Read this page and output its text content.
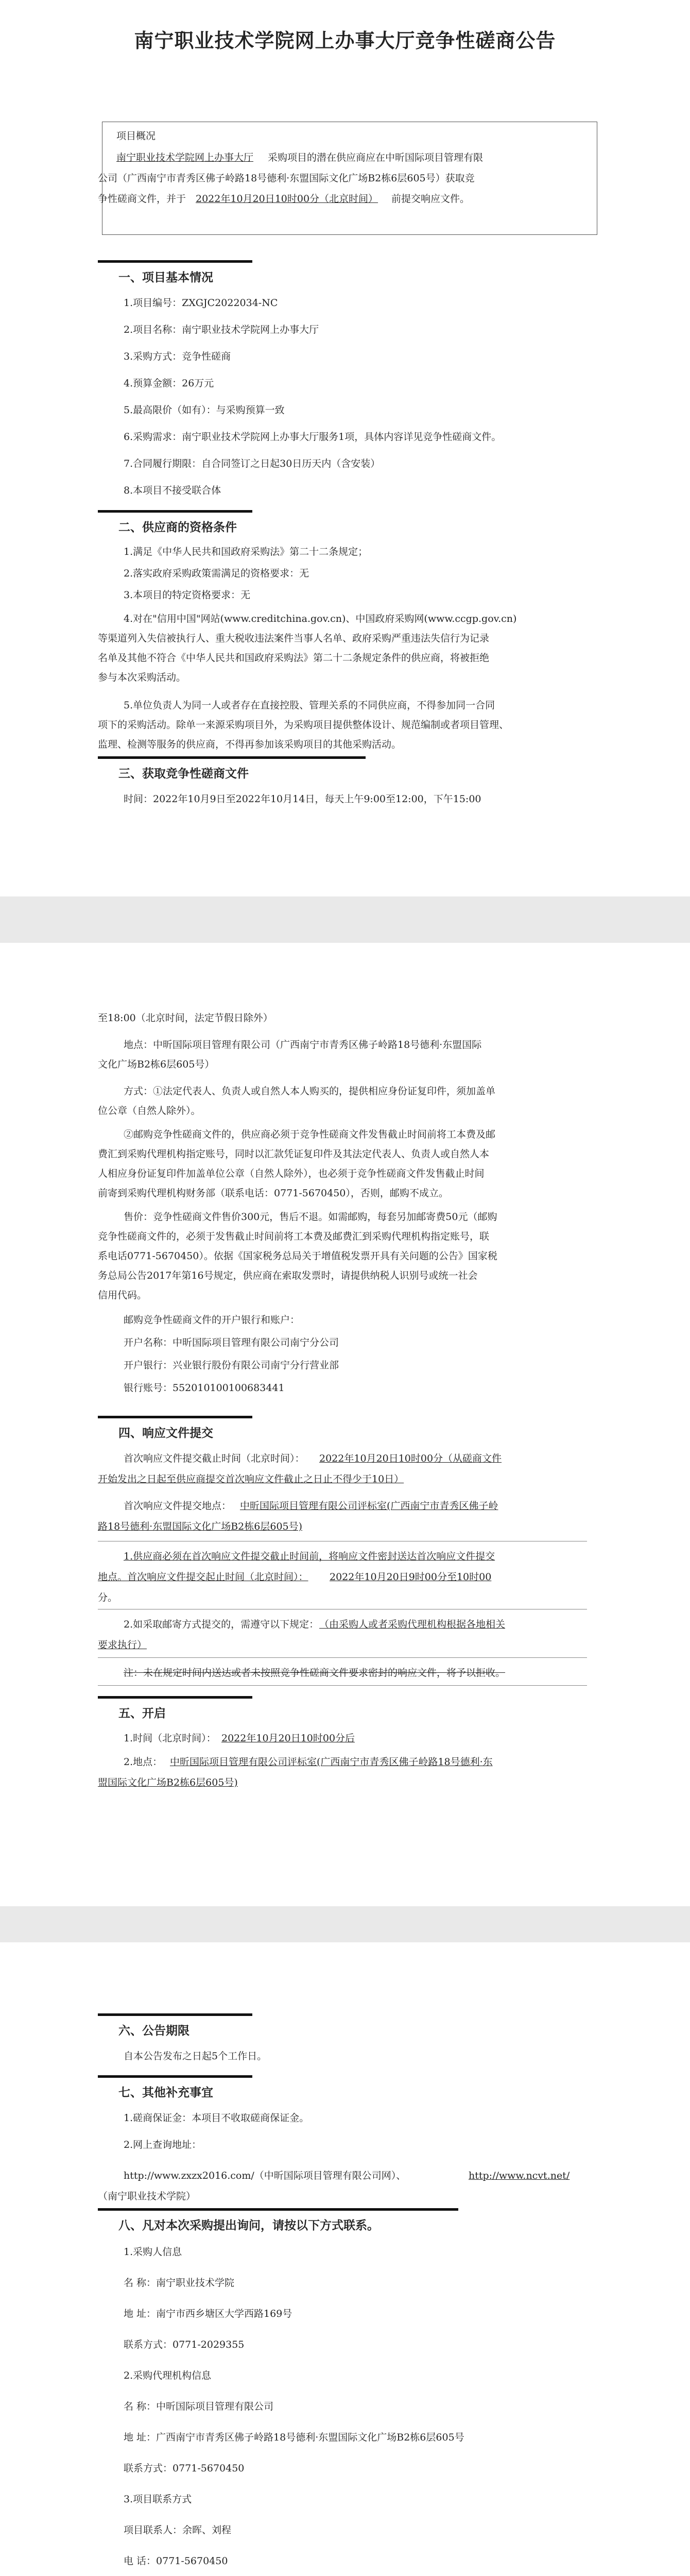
南宁职业技术学院网上办事大厅竞争性磋商公告
项目概况
南宁职业技术学院网上办事大厅 采购项目的潜在供应商应在中昕国际项目管理有限
公司（广西南宁市青秀区佛子岭路18号德利·东盟国际文化广场B2栋6层605号）获取竞
争性磋商文件，并于 2022年10月20日10时00分（北京时间） 前提交响应文件。
一、项目基本情况
1.项目编号：ZXGJC2022034-NC
2.项目名称：南宁职业技术学院网上办事大厅
3.采购方式：竞争性磋商
4.预算金额：26万元
5.最高限价（如有）：与采购预算一致
6.采购需求：南宁职业技术学院网上办事大厅服务1项，具体内容详见竞争性磋商文件。
7.合同履行期限：自合同签订之日起30日历天内（含安装）
8.本项目不接受联合体
二、供应商的资格条件
1.满足《中华人民共和国政府采购法》第二十二条规定；
2.落实政府采购政策需满足的资格要求：无
3.本项目的特定资格要求：无
4.对在"信用中国"网站(www.creditchina.gov.cn)、中国政府采购网(www.ccgp.gov.cn)
等渠道列入失信被执行人、重大税收违法案件当事人名单、政府采购严重违法失信行为记录
名单及其他不符合《中华人民共和国政府采购法》第二十二条规定条件的供应商，将被拒绝
参与本次采购活动。
5.单位负责人为同一人或者存在直接控股、管理关系的不同供应商，不得参加同一合同
项下的采购活动。除单一来源采购项目外，为采购项目提供整体设计、规范编制或者项目管理、
监理、检测等服务的供应商，不得再参加该采购项目的其他采购活动。
三、获取竞争性磋商文件
时间：2022年10月9日至2022年10月14日，每天上午9:00至12:00，下午15:00
至18:00（北京时间，法定节假日除外）
地点：中昕国际项目管理有限公司（广西南宁市青秀区佛子岭路18号德利·东盟国际
文化广场B2栋6层605号）
方式：①法定代表人、负责人或自然人本人购买的，提供相应身份证复印件，须加盖单
位公章（自然人除外）。
②邮购竞争性磋商文件的，供应商必须于竞争性磋商文件发售截止时间前将工本费及邮
费汇到采购代理机构指定账号，同时以汇款凭证复印件及其法定代表人、负责人或自然人本
人相应身份证复印件加盖单位公章（自然人除外），也必须于竞争性磋商文件发售截止时间
前寄到采购代理机构财务部（联系电话：0771-5670450），否则，邮购不成立。
售价：竞争性磋商文件售价300元，售后不退。如需邮购，每套另加邮寄费50元（邮购
竞争性磋商文件的，必须于发售截止时间前将工本费及邮费汇到采购代理机构指定账号，联
系电话0771-5670450）。依据《国家税务总局关于增值税发票开具有关问题的公告》国家税
务总局公告2017年第16号规定，供应商在索取发票时，请提供纳税人识别号或统一社会
信用代码。
邮购竞争性磋商文件的开户银行和账户：
开户名称：中昕国际项目管理有限公司南宁分公司
开户银行：兴业银行股份有限公司南宁分行营业部
银行账号：552010100100683441
四、响应文件提交
首次响应文件提交截止时间（北京时间）： 2022年10月20日10时00分（从磋商文件
开始发出之日起至供应商提交首次响应文件截止之日止不得少于10日）
首次响应文件提交地点： 中昕国际项目管理有限公司评标室(广西南宁市青秀区佛子岭
路18号德利·东盟国际文化广场B2栋6层605号)
1.供应商必须在首次响应文件提交截止时间前，将响应文件密封送达首次响应文件提交
地点。首次响应文件提交起止时间（北京时间）： 2022年10月20日9时00分至10时00
分。
2.如采取邮寄方式提交的，需遵守以下规定： （由采购人或者采购代理机构根据各地相关
要求执行）
注：未在规定时间内送达或者未按照竞争性磋商文件要求密封的响应文件，将予以拒收。
五、开启
1.时间（北京时间）： 2022年10月20日10时00分后
2.地点： 中昕国际项目管理有限公司评标室(广西南宁市青秀区佛子岭路18号德利·东
盟国际文化广场B2栋6层605号)
六、公告期限
自本公告发布之日起5个工作日。
七、其他补充事宜
1.磋商保证金：本项目不收取磋商保证金。
2.网上查询地址：
http://www.zxzx2016.com/（中昕国际项目管理有限公司网）、	http://www.ncvt.net/
（南宁职业技术学院）
八、凡对本次采购提出询问，请按以下方式联系。
1.采购人信息
名 称：南宁职业技术学院
地 址：南宁市西乡塘区大学西路169号
联系方式：0771-2029355
2.采购代理机构信息
名 称：中昕国际项目管理有限公司
地 址：广西南宁市青秀区佛子岭路18号德利·东盟国际文化广场B2栋6层605号
联系方式：0771-5670450
3.项目联系方式
项目联系人：余晖、刘程
电 话：0771-5670450
